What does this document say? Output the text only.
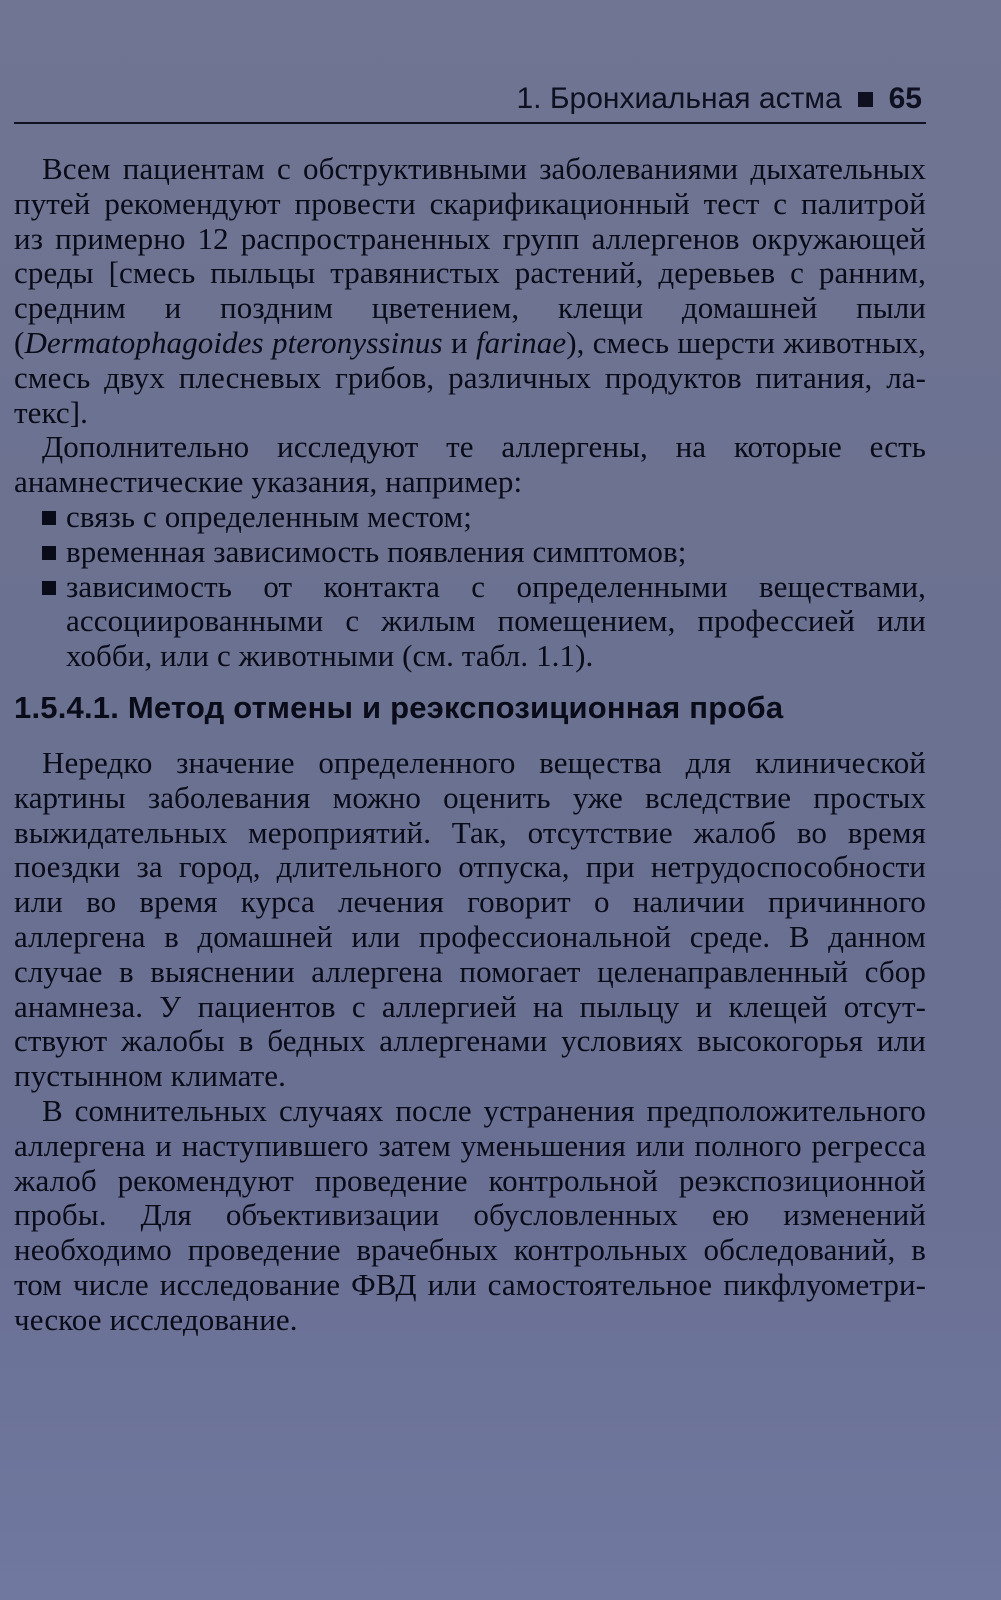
1. Бронхиальная астма 65

Всем пациентам с обструктивными заболеваниями дыхательных путей рекомендуют провести скарификационный тест с палитрой из примерно 12 распространенных групп аллергенов окружающей среды [смесь пыльцы травянистых растений, деревьев с ранним, средним и поздним цветением, клещи домашней пыли (Dermatophagoides pteronyssinus и farinae), смесь шерсти животных, смесь двух плесневых грибов, различных продуктов питания, латекс].

Дополнительно исследуют те аллергены, на которые есть анамнестические указания, например:

связь с определенным местом;
временная зависимость появления симптомов;
зависимость от контакта с определенными веществами, ассоциированными с жилым помещением, профессией или хобби, или с животными (см. табл. 1.1).
1.5.4.1. Метод отмены и реэкспозиционная проба

Нередко значение определенного вещества для клинической картины заболевания можно оценить уже вследствие простых выжидательных мероприятий. Так, отсутствие жалоб во время поездки за город, длительного отпуска, при нетрудоспособности или во время курса лечения говорит о наличии причинного аллергена в домашней или профессиональной среде. В данном случае в выяснении аллергена помогает целенаправленный сбор анамнеза. У пациентов с аллергией на пыльцу и клещей отсутствуют жалобы в бедных аллергенами условиях высокогорья или пустынном климате.

В сомнительных случаях после устранения предположительного аллергена и наступившего затем уменьшения или полного регресса жалоб рекомендуют проведение контрольной реэкспозиционной пробы. Для объективизации обусловленных ею изменений необходимо проведение врачебных контрольных обследований, в том числе исследование ФВД или самостоятельное пикфлуометрическое исследование.
